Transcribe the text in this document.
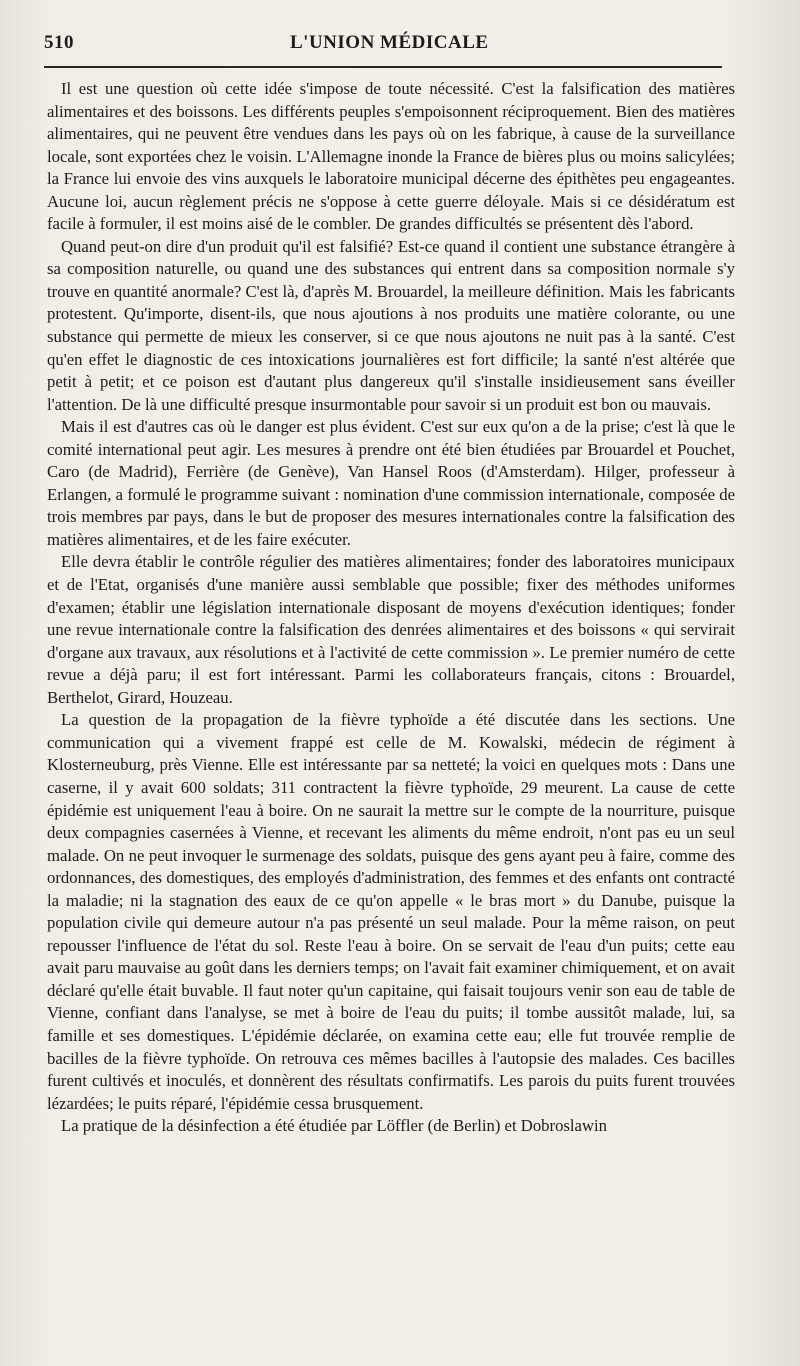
510	L'UNION MÉDICALE

Il est une question où cette idée s'impose de toute nécessité. C'est la falsification des matières alimentaires et des boissons. Les différents peuples s'empoisonnent réciproquement. Bien des matières alimentaires, qui ne peuvent être vendues dans les pays où on les fabrique, à cause de la surveillance locale, sont exportées chez le voisin. L'Allemagne inonde la France de bières plus ou moins salicylées; la France lui envoie des vins auxquels le laboratoire municipal décerne des épithètes peu engageantes. Aucune loi, aucun règlement précis ne s'oppose à cette guerre déloyale. Mais si ce désidératum est facile à formuler, il est moins aisé de le combler. De grandes difficultés se présentent dès l'abord.

Quand peut-on dire d'un produit qu'il est falsifié? Est-ce quand il contient une substance étrangère à sa composition naturelle, ou quand une des substances qui entrent dans sa composition normale s'y trouve en quantité anormale? C'est là, d'après M. Brouardel, la meilleure définition. Mais les fabricants protestent. Qu'importe, disent-ils, que nous ajoutions à nos produits une matière colorante, ou une substance qui permette de mieux les conserver, si ce que nous ajoutons ne nuit pas à la santé. C'est qu'en effet le diagnostic de ces intoxications journalières est fort difficile; la santé n'est altérée que petit à petit; et ce poison est d'autant plus dangereux qu'il s'installe insidieusement sans éveiller l'attention. De là une difficulté presque insurmontable pour savoir si un produit est bon ou mauvais.

Mais il est d'autres cas où le danger est plus évident. C'est sur eux qu'on a de la prise; c'est là que le comité international peut agir. Les mesures à prendre ont été bien étudiées par Brouardel et Pouchet, Caro (de Madrid), Ferrière (de Genève), Van Hansel Roos (d'Amsterdam). Hilger, professeur à Erlangen, a formulé le programme suivant : nomination d'une commission internationale, composée de trois membres par pays, dans le but de proposer des mesures internationales contre la falsification des matières alimentaires, et de les faire exécuter.

Elle devra établir le contrôle régulier des matières alimentaires; fonder des laboratoires municipaux et de l'Etat, organisés d'une manière aussi semblable que possible; fixer des méthodes uniformes d'examen; établir une législation internationale disposant de moyens d'exécution identiques; fonder une revue internationale contre la falsification des denrées alimentaires et des boissons « qui servirait d'organe aux travaux, aux résolutions et à l'activité de cette commission ». Le premier numéro de cette revue a déjà paru; il est fort intéressant. Parmi les collaborateurs français, citons : Brouardel, Berthelot, Girard, Houzeau.

La question de la propagation de la fièvre typhoïde a été discutée dans les sections. Une communication qui a vivement frappé est celle de M. Kowalski, médecin de régiment à Klosterneuburg, près Vienne. Elle est intéressante par sa netteté; la voici en quelques mots : Dans une caserne, il y avait 600 soldats; 311 contractent la fièvre typhoïde, 29 meurent. La cause de cette épidémie est uniquement l'eau à boire. On ne saurait la mettre sur le compte de la nourriture, puisque deux compagnies casernées à Vienne, et recevant les aliments du même endroit, n'ont pas eu un seul malade. On ne peut invoquer le surmenage des soldats, puisque des gens ayant peu à faire, comme des ordonnances, des domestiques, des employés d'administration, des femmes et des enfants ont contracté la maladie; ni la stagnation des eaux de ce qu'on appelle « le bras mort » du Danube, puisque la population civile qui demeure autour n'a pas présenté un seul malade. Pour la même raison, on peut repousser l'influence de l'état du sol. Reste l'eau à boire. On se servait de l'eau d'un puits; cette eau avait paru mauvaise au goût dans les derniers temps; on l'avait fait examiner chimiquement, et on avait déclaré qu'elle était buvable. Il faut noter qu'un capitaine, qui faisait toujours venir son eau de table de Vienne, confiant dans l'analyse, se met à boire de l'eau du puits; il tombe aussitôt malade, lui, sa famille et ses domestiques. L'épidémie déclarée, on examina cette eau; elle fut trouvée remplie de bacilles de la fièvre typhoïde. On retrouva ces mêmes bacilles à l'autopsie des malades. Ces bacilles furent cultivés et inoculés, et donnèrent des résultats confirmatifs. Les parois du puits furent trouvées lézardées; le puits réparé, l'épidémie cessa brusquement.

La pratique de la désinfection a été étudiée par Löffler (de Berlin) et Dobroslawin
